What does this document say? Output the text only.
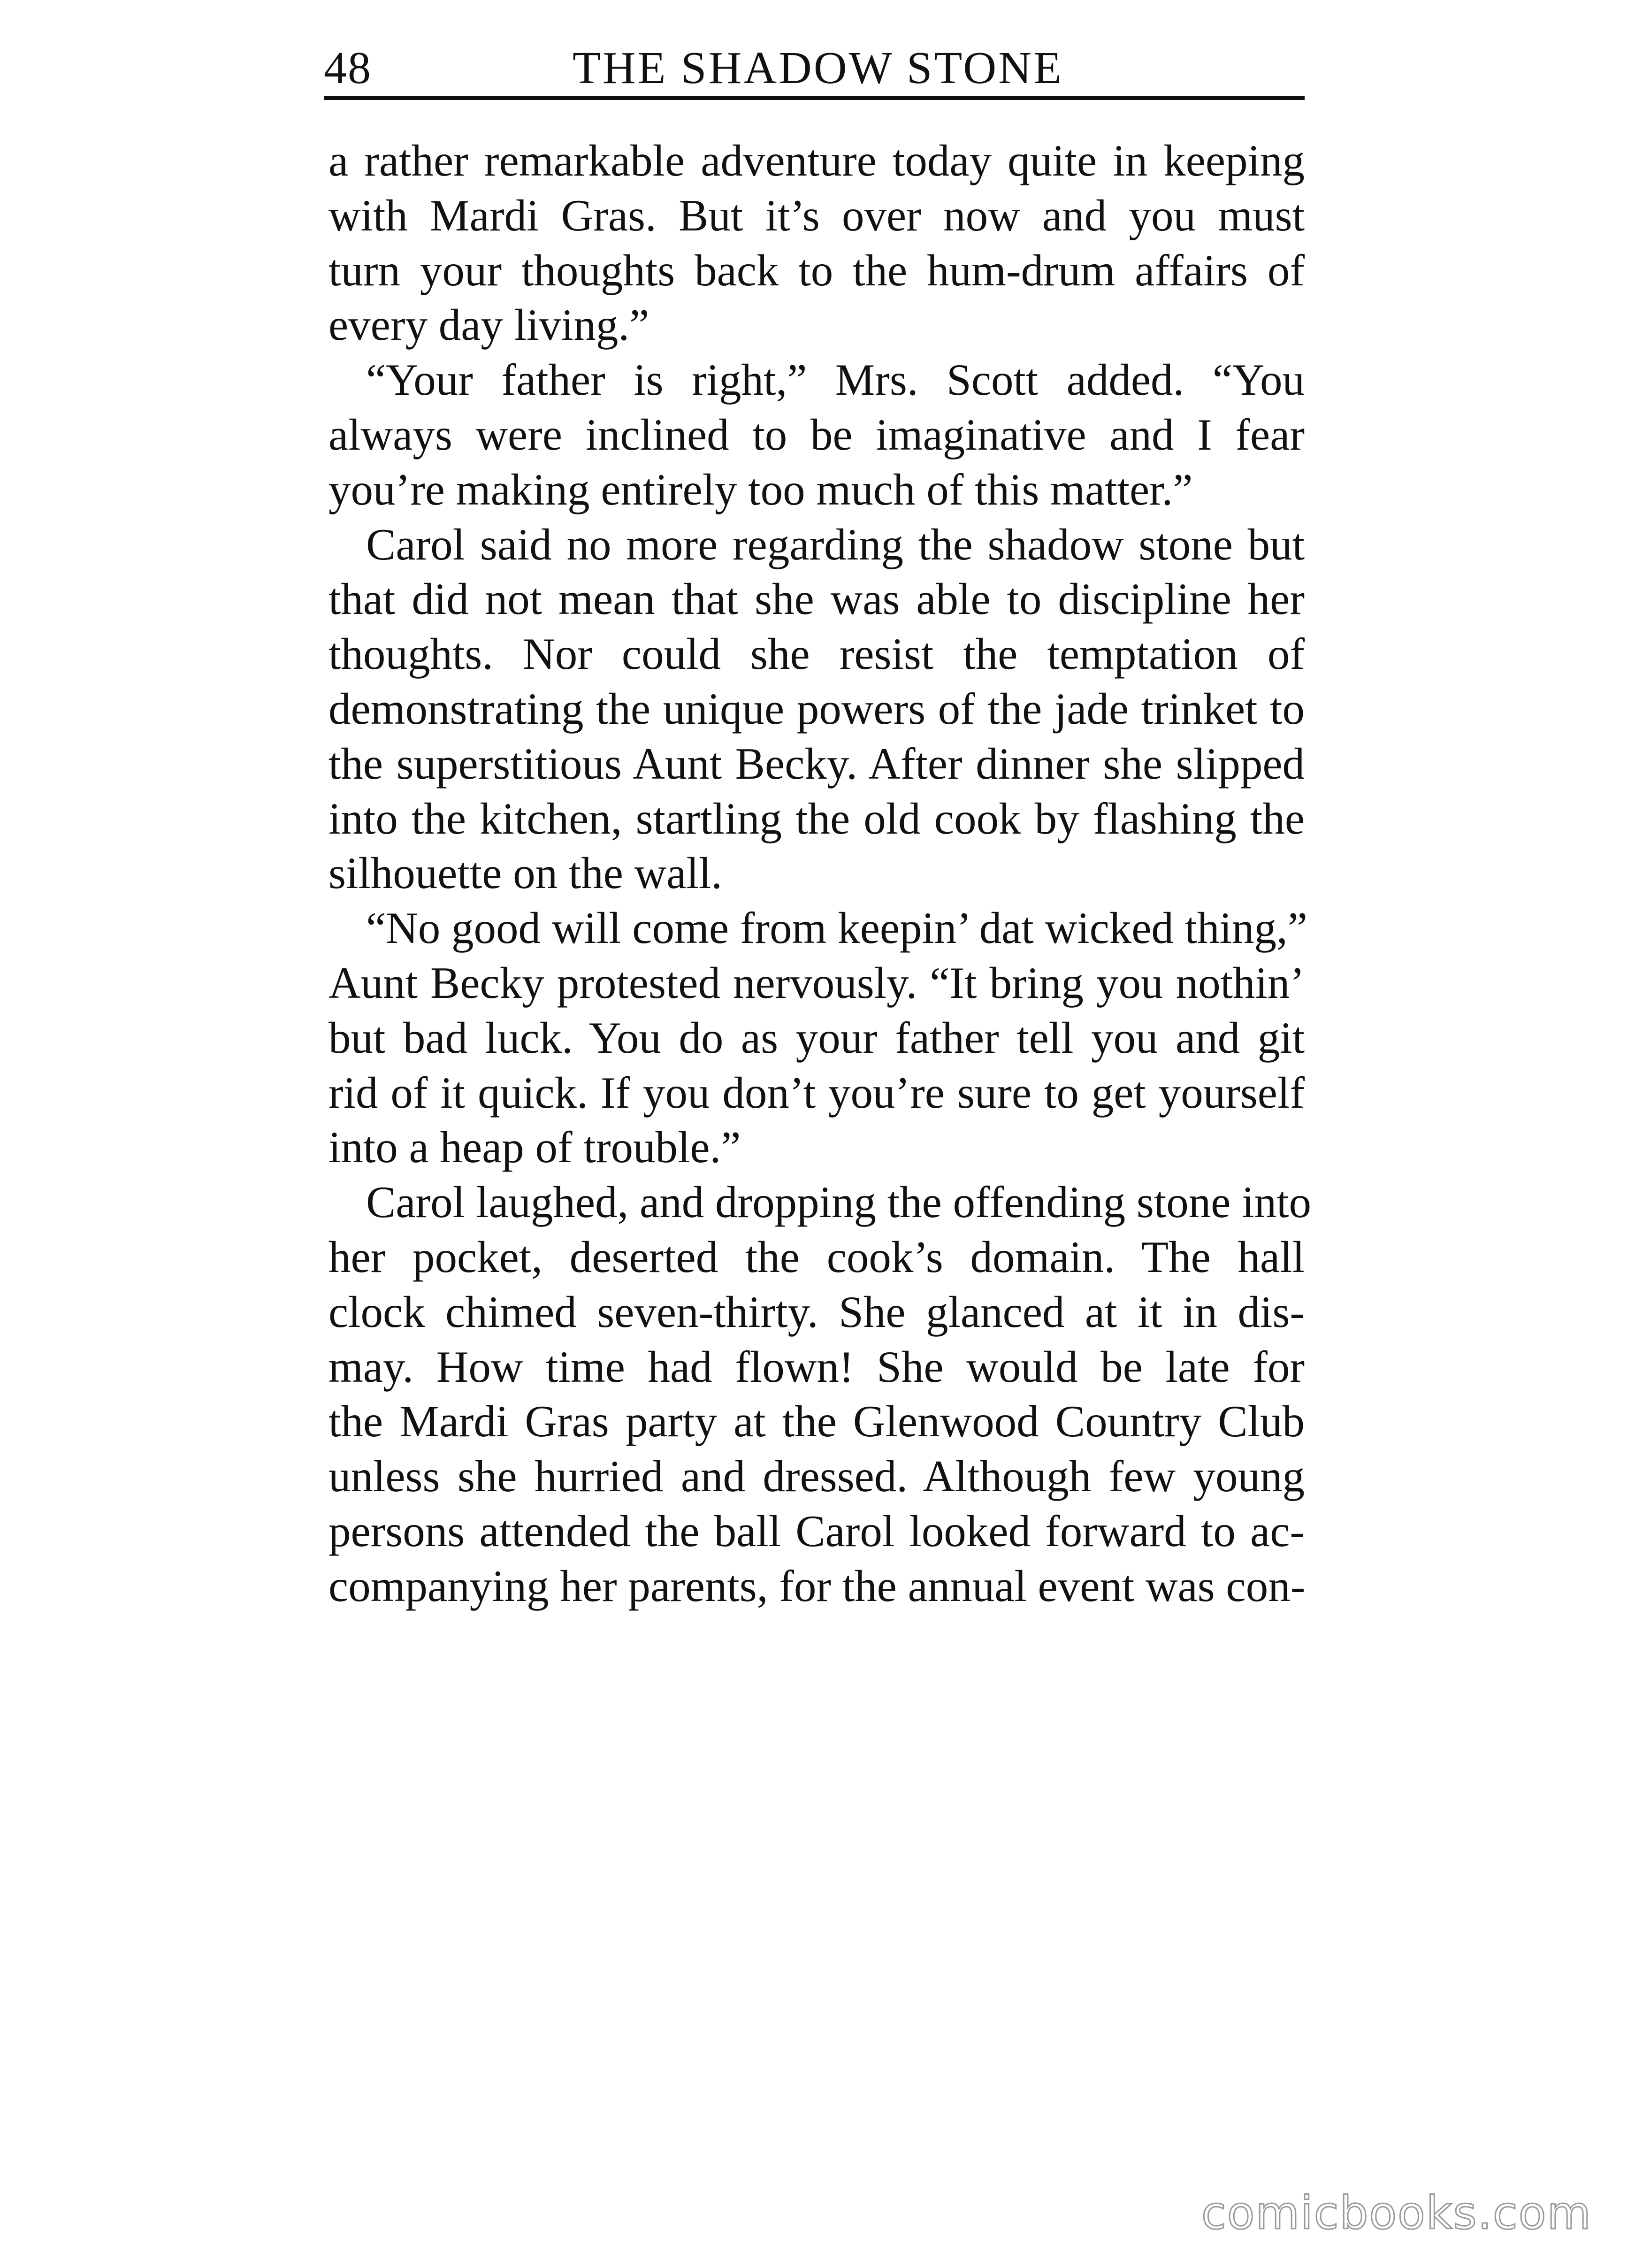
48	THE SHADOW STONE
a rather remarkable adventure today quite in keeping
with Mardi Gras. But it’s over now and you must
turn your thoughts back to the hum-drum affairs of
every day living.”
“Your father is right,” Mrs. Scott added. “You
always were inclined to be imaginative and I fear
you’re making entirely too much of this matter.”
Carol said no more regarding the shadow stone but
that did not mean that she was able to discipline her
thoughts. Nor could she resist the temptation of
demonstrating the unique powers of the jade trinket to
the superstitious Aunt Becky. After dinner she slipped
into the kitchen, startling the old cook by flashing the
silhouette on the wall.
“No good will come from keepin’ dat wicked thing,”
Aunt Becky protested nervously. “It bring you nothin’
but bad luck. You do as your father tell you and git
rid of it quick. If you don’t you’re sure to get yourself
into a heap of trouble.”
Carol laughed, and dropping the offending stone into
her pocket, deserted the cook’s domain. The hall
clock chimed seven-thirty. She glanced at it in dis-
may. How time had flown! She would be late for
the Mardi Gras party at the Glenwood Country Club
unless she hurried and dressed. Although few young
persons attended the ball Carol looked forward to ac-
companying her parents, for the annual event was con-
comicbooks.com
